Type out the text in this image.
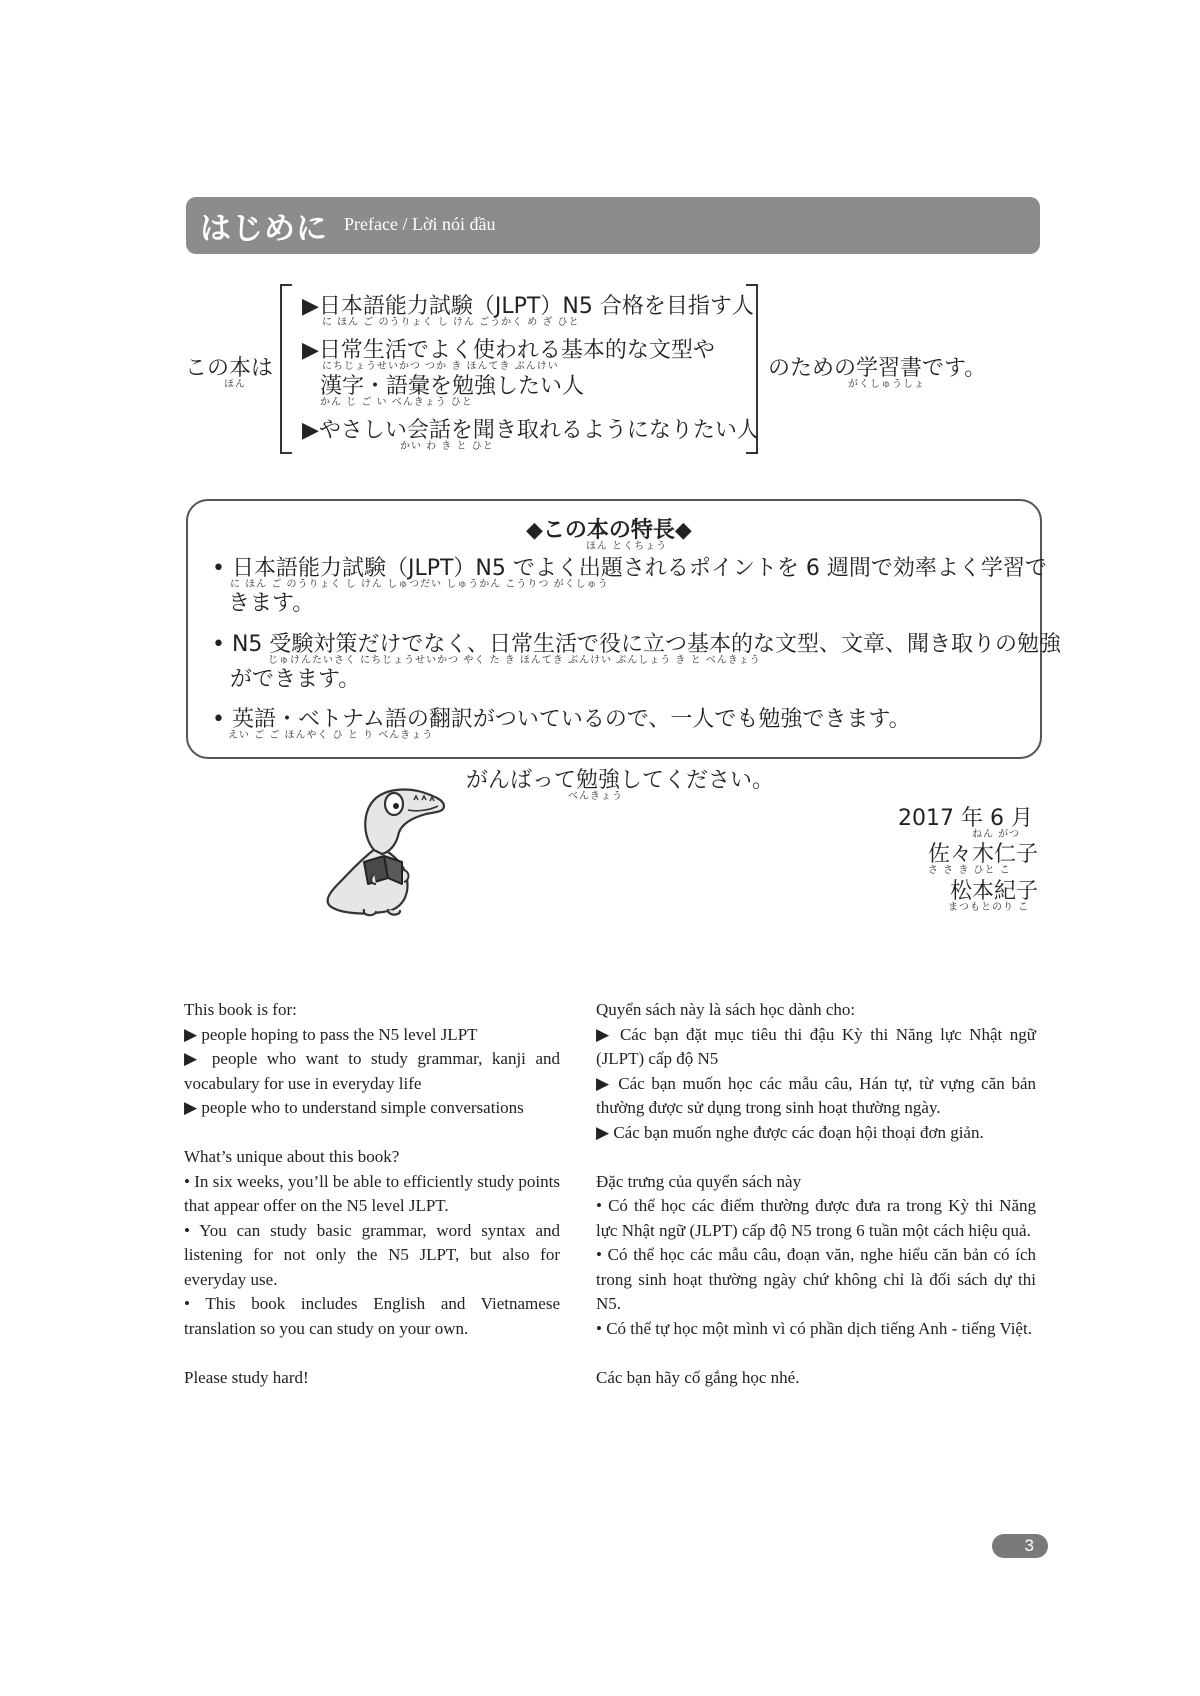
はじめに Preface / Lời nói đầu
この本は
ほん
▶日本語能力試験（JLPT）N5 合格を目指す人
に ほん ご のうりょく し けん ごうかく め ざ ひと
▶日常生活でよく使われる基本的な文型や
にちじょうせいかつ つか き ほんてき ぶんけい
漢字・語彙を勉強したい人
かん じ ご い べんきょう ひと
▶やさしい会話を聞き取れるようになりたい人
かい わ き と ひと
のための学習書です。
がくしゅうしょ
◆この本の特長◆
ほん とくちょう
• 日本語能力試験（JLPT）N5 でよく出題されるポイントを 6 週間で効率よく学習で
に ほん ご のうりょく し けん しゅつだい しゅうかん こうりつ がくしゅう
きます。
• N5 受験対策だけでなく、日常生活で役に立つ基本的な文型、文章、聞き取りの勉強
じゅけんたいさく にちじょうせいかつ やく た き ほんてき ぶんけい ぶんしょう き と べんきょう
ができます。
• 英語・ベトナム語の翻訳がついているので、一人でも勉強できます。
えい ご ご ほんやく ひ と り べんきょう
がんばって勉強してください。
べんきょう
2017 年 6 月
ねん がつ
佐々木仁子
さ さ き ひと こ
松本紀子
まつもとのり こ
This book is for:
▶ people hoping to pass the N5 level JLPT
▶ people who want to study grammar, kanji and vocabulary for use in everyday life
▶ people who to understand simple conversations
What’s unique about this book?
• In six weeks, you’ll be able to efficiently study points that appear offer on the N5 level JLPT.
• You can study basic grammar, word syntax and listening for not only the N5 JLPT, but also for everyday use.
• This book includes English and Vietnamese translation so you can study on your own.
Please study hard!
Quyển sách này là sách học dành cho:
▶ Các bạn đặt mục tiêu thi đậu Kỳ thi Năng lực Nhật ngữ (JLPT) cấp độ N5
▶ Các bạn muốn học các mẫu câu, Hán tự, từ vựng căn bản thường được sử dụng trong sinh hoạt thường ngày.
▶ Các bạn muốn nghe được các đoạn hội thoại đơn giản.
Đặc trưng của quyển sách này
• Có thể học các điểm thường được đưa ra trong Kỳ thi Năng lực Nhật ngữ (JLPT) cấp độ N5 trong 6 tuần một cách hiệu quả.
• Có thể học các mẫu câu, đoạn văn, nghe hiểu căn bản có ích trong sinh hoạt thường ngày chứ không chỉ là đối sách dự thi N5.
• Có thể tự học một mình vì có phần dịch tiếng Anh - tiếng Việt.
Các bạn hãy cố gắng học nhé.
3
